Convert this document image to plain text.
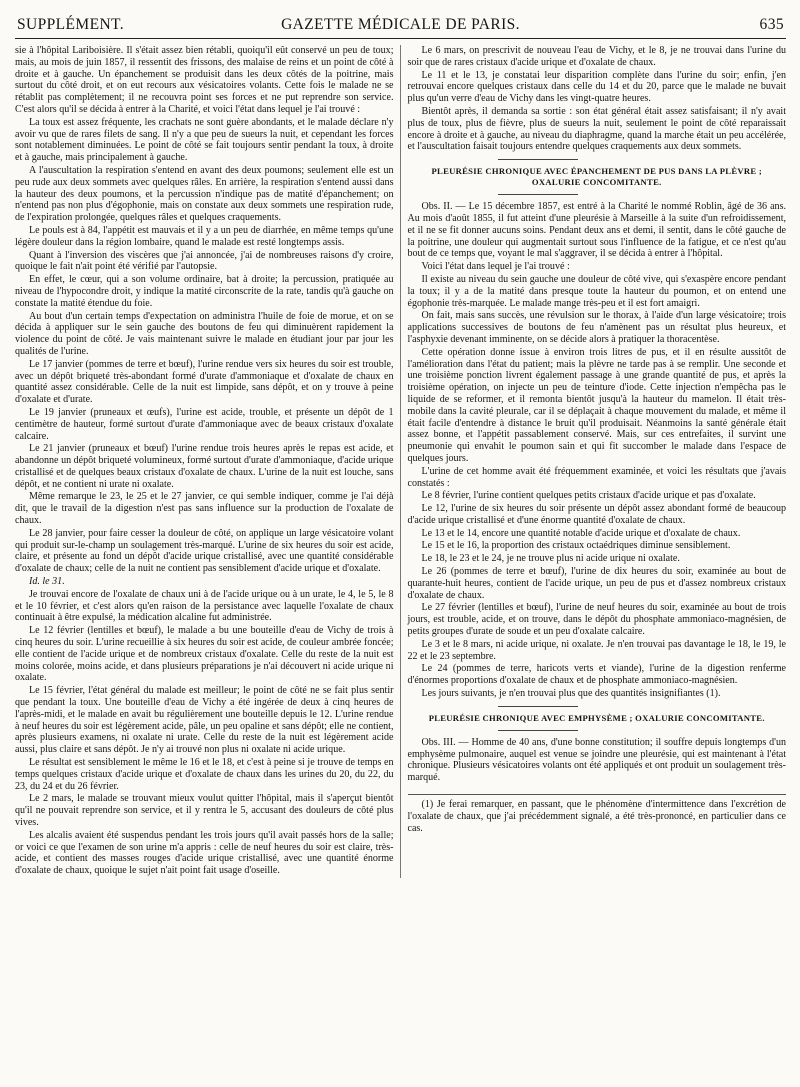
SUPPLÉMENT.	GAZETTE MÉDICALE DE PARIS.	635

sie à l'hôpital Lariboisière. Il s'était assez bien rétabli, quoiqu'il eût conservé un peu de toux; mais, au mois de juin 1857, il ressentit des frissons, des malaise de reins et un point de côté à droite et à gauche. Un épanchement se produisit dans les deux côtés de la poitrine, mais surtout du côté droit, et on eut recours aux vésicatoires volants. Cette fois le malade ne se rétablit pas complètement; il ne recouvra point ses forces et ne put reprendre son service. C'est alors qu'il se décida à entrer à la Charité, et voici l'état dans lequel je l'ai trouvé :

La toux est assez fréquente, les crachats ne sont guère abondants, et le malade déclare n'y avoir vu que de rares filets de sang. Il n'y a que peu de sueurs la nuit, et cependant les forces sont notablement diminuées. Le point de côté se fait toujours sentir pendant la toux, à droite et à gauche, mais principalement à gauche.

A l'auscultation la respiration s'entend en avant des deux poumons; seulement elle est un peu rude aux deux sommets avec quelques râles. En arrière, la respiration s'entend aussi dans la hauteur des deux poumons, et la percussion n'indique pas de matité d'épanchement; on n'entend pas non plus d'égophonie, mais on constate aux deux sommets une respiration rude, de l'expiration prolongée, quelques râles et quelques craquements.

Le pouls est à 84, l'appétit est mauvais et il y a un peu de diarrhée, en même temps qu'une légère douleur dans la région lombaire, quand le malade est resté longtemps assis.

Quant à l'inversion des viscères que j'ai annoncée, j'ai de nombreuses raisons d'y croire, quoique le fait n'ait point été vérifié par l'autopsie.

En effet, le cœur, qui a son volume ordinaire, bat à droite; la percussion, pratiquée au niveau de l'hypocondre droit, y indique la matité circonscrite de la rate, tandis qu'à gauche on constate la matité étendue du foie.

Au bout d'un certain temps d'expectation on administra l'huile de foie de morue, et on se décida à appliquer sur le sein gauche des boutons de feu qui diminuèrent rapidement la violence du point de côté. Je vais maintenant suivre le malade en étudiant jour par jour les qualités de l'urine.

Le 17 janvier (pommes de terre et bœuf), l'urine rendue vers six heures du soir est trouble, avec un dépôt briqueté très-abondant formé d'urate d'ammoniaque et d'oxalate de chaux en quantité assez considérable. Celle de la nuit est limpide, sans dépôt, et on y trouve à peine d'oxalate et d'urate.

Le 19 janvier (pruneaux et œufs), l'urine est acide, trouble, et présente un dépôt de 1 centimètre de hauteur, formé surtout d'urate d'ammoniaque avec de beaux cristaux d'oxalate calcaire.

Le 21 janvier (pruneaux et bœuf) l'urine rendue trois heures après le repas est acide, et abandonne un dépôt briqueté volumineux, formé surtout d'urate d'ammoniaque, d'acide urique cristallisé et de quelques beaux cristaux d'oxalate de chaux. L'urine de la nuit est louche, sans dépôt, et ne contient ni urate ni oxalate.

Même remarque le 23, le 25 et le 27 janvier, ce qui semble indiquer, comme je l'ai déjà dit, que le travail de la digestion n'est pas sans influence sur la production de l'oxalate de chaux.

Le 28 janvier, pour faire cesser la douleur de côté, on applique un large vésicatoire volant qui produit sur-le-champ un soulagement très-marqué. L'urine de six heures du soir est acide, claire, et présente au fond un dépôt d'acide urique cristallisé, avec une quantité considérable d'oxalate de chaux; celle de la nuit ne contient pas sensiblement d'acide urique et d'oxalate.

Id. le 31.

Je trouvai encore de l'oxalate de chaux uni à de l'acide urique ou à un urate, le 4, le 5, le 8 et le 10 février, et c'est alors qu'en raison de la persistance avec laquelle l'oxalate de chaux continuait à être expulsé, la médication alcaline fut administrée.

Le 12 février (lentilles et bœuf), le malade a bu une bouteille d'eau de Vichy de trois à cinq heures du soir. L'urine recueillie à six heures du soir est acide, de couleur ambrée foncée; elle contient de l'acide urique et de nombreux cristaux d'oxalate. Celle du reste de la nuit est moins colorée, moins acide, et dans plusieurs préparations je n'ai découvert ni acide urique ni oxalate.

Le 15 février, l'état général du malade est meilleur; le point de côté ne se fait plus sentir que pendant la toux. Une bouteille d'eau de Vichy a été ingérée de deux à cinq heures de l'après-midi, et le malade en avait bu régulièrement une bouteille depuis le 12. L'urine rendue à neuf heures du soir est légèrement acide, pâle, un peu opaline et sans dépôt; elle ne contient, après plusieurs examens, ni oxalate ni urate. Celle du reste de la nuit est légèrement acide aussi, plus claire et sans dépôt. Je n'y ai trouvé non plus ni oxalate ni acide urique.

Le résultat est sensiblement le même le 16 et le 18, et c'est à peine si je trouve de temps en temps quelques cristaux d'acide urique et d'oxalate de chaux dans les urines du 20, du 22, du 23, du 24 et du 26 février.

Le 2 mars, le malade se trouvant mieux voulut quitter l'hôpital, mais il s'aperçut bientôt qu'il ne pouvait reprendre son service, et il y rentra le 5, accusant des douleurs de côté plus vives.

Les alcalis avaient été suspendus pendant les trois jours qu'il avait passés hors de la salle; or voici ce que l'examen de son urine m'a appris : celle de neuf heures du soir est claire, très-acide, et contient des masses rouges d'acide urique cristallisé, avec une quantité énorme d'oxalate de chaux, quoique le sujet n'ait point fait usage d'oseille.

Le 6 mars, on prescrivit de nouveau l'eau de Vichy, et le 8, je ne trouvai dans l'urine du soir que de rares cristaux d'acide urique et d'oxalate de chaux.

Le 11 et le 13, je constatai leur disparition complète dans l'urine du soir; enfin, j'en retrouvai encore quelques cristaux dans celle du 14 et du 20, parce que le malade ne buvait plus qu'un verre d'eau de Vichy dans les vingt-quatre heures.

Bientôt après, il demanda sa sortie : son état général était assez satisfaisant; il n'y avait plus de toux, plus de fièvre, plus de sueurs la nuit, seulement le point de côté reparaissait encore à droite et à gauche, au niveau du diaphragme, quand la marche était un peu accélérée, et l'auscultation faisait toujours entendre quelques craquements aux deux sommets.

PLEURÉSIE CHRONIQUE AVEC ÉPANCHEMENT DE PUS DANS LA PLÈVRE ; OXALURIE CONCOMITANTE.

Obs. II. — Le 15 décembre 1857, est entré à la Charité le nommé Roblin, âgé de 36 ans. Au mois d'août 1855, il fut atteint d'une pleurésie à Marseille à la suite d'un refroidissement, et il ne se fit donner aucuns soins. Pendant deux ans et demi, il sentit, dans le côté gauche de la poitrine, une douleur qui augmentait surtout sous l'influence de la fatigue, et ce n'est qu'au bout de ce temps que, voyant le mal s'aggraver, il se décida à entrer à l'hôpital.

Voici l'état dans lequel je l'ai trouvé :

Il existe au niveau du sein gauche une douleur de côté vive, qui s'exaspère encore pendant la toux; il y a de la matité dans presque toute la hauteur du poumon, et on entend une égophonie très-marquée. Le malade mange très-peu et il est fort amaigri.

On fait, mais sans succès, une révulsion sur le thorax, à l'aide d'un large vésicatoire; trois applications successives de boutons de feu n'amènent pas un résultat plus heureux, et l'asphyxie devenant imminente, on se décide alors à pratiquer la thoracentèse.

Cette opération donne issue à environ trois litres de pus, et il en résulte aussitôt de l'amélioration dans l'état du patient; mais la plèvre ne tarde pas à se remplir. Une seconde et une troisième ponction livrent également passage à une grande quantité de pus, et après la troisième opération, on injecte un peu de teinture d'iode. Cette injection n'empêcha pas le liquide de se reformer, et il remonta bientôt jusqu'à la hauteur du mamelon. Il était très-mobile dans la cavité pleurale, car il se déplaçait à chaque mouvement du malade, et même il était facile d'entendre à distance le bruit qu'il produisait. Néanmoins la santé générale était assez bonne, et l'appétit passablement conservé. Mais, sur ces entrefaites, il survint une pneumonie qui envahit le poumon sain et qui fit succomber le malade dans l'espace de quelques jours.

L'urine de cet homme avait été fréquemment examinée, et voici les résultats que j'avais constatés :

Le 8 février, l'urine contient quelques petits cristaux d'acide urique et pas d'oxalate.

Le 12, l'urine de six heures du soir présente un dépôt assez abondant formé de beaucoup d'acide urique cristallisé et d'une énorme quantité d'oxalate de chaux.

Le 13 et le 14, encore une quantité notable d'acide urique et d'oxalate de chaux.

Le 15 et le 16, la proportion des cristaux octaédriques diminue sensiblement.

Le 18, le 23 et le 24, je ne trouve plus ni acide urique ni oxalate.

Le 26 (pommes de terre et bœuf), l'urine de dix heures du soir, examinée au bout de quarante-huit heures, contient de l'acide urique, un peu de pus et d'assez nombreux cristaux d'oxalate de chaux.

Le 27 février (lentilles et bœuf), l'urine de neuf heures du soir, examinée au bout de trois jours, est trouble, acide, et on trouve, dans le dépôt du phosphate ammoniaco-magnésien, de petits groupes d'urate de soude et un peu d'oxalate calcaire.

Le 3 et le 8 mars, ni acide urique, ni oxalate. Je n'en trouvai pas davantage le 18, le 19, le 22 et le 23 septembre.

Le 24 (pommes de terre, haricots verts et viande), l'urine de la digestion renferme d'énormes proportions d'oxalate de chaux et de phosphate ammoniaco-magnésien.

Les jours suivants, je n'en trouvai plus que des quantités insignifiantes (1).

PLEURÉSIE CHRONIQUE AVEC EMPHYSÈME ; OXALURIE CONCOMITANTE.

Obs. III. — Homme de 40 ans, d'une bonne constitution; il souffre depuis longtemps d'un emphysème pulmonaire, auquel est venue se joindre une pleurésie, qui est maintenant à l'état chronique. Plusieurs vésicatoires volants ont été appliqués et ont produit un soulagement très-marqué.

(1) Je ferai remarquer, en passant, que le phénomène d'intermittence dans l'excrétion de l'oxalate de chaux, que j'ai précédemment signalé, a été très-prononcé, en particulier dans ce cas.
